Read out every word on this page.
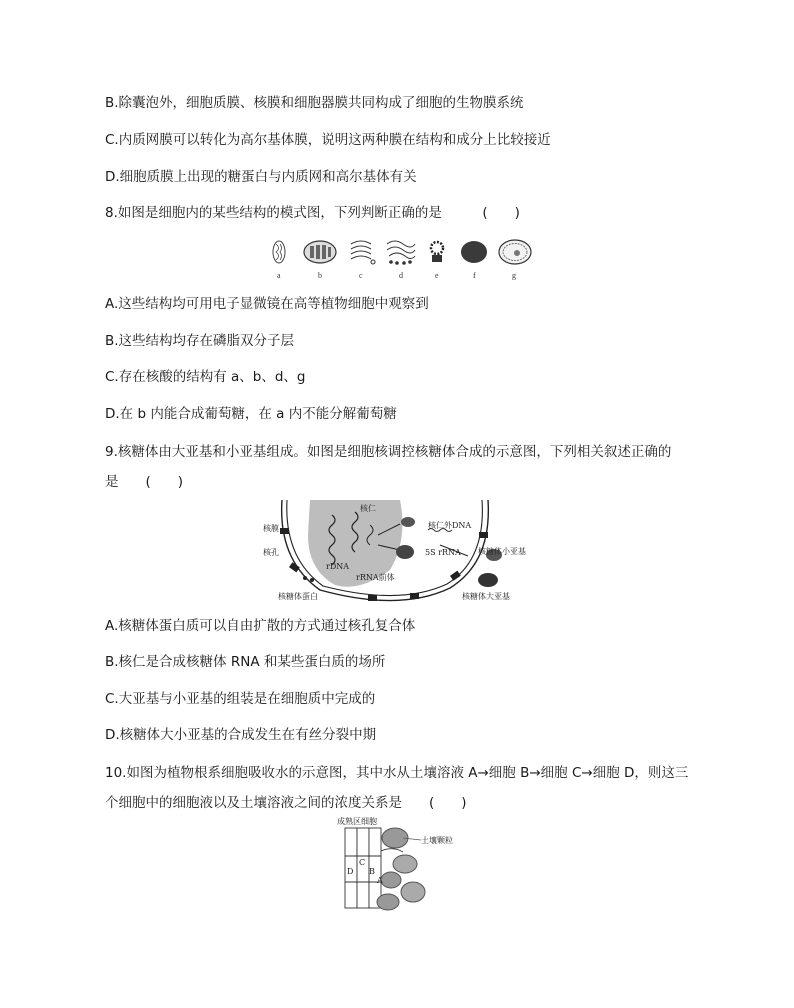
B.除囊泡外，细胞质膜、核膜和细胞器膜共同构成了细胞的生物膜系统
C.内质网膜可以转化为高尔基体膜，说明这两种膜在结构和成分上比较接近
D.细胞质膜上出现的糖蛋白与内质网和高尔基体有关
8.如图是细胞内的某些结构的模式图，下列判断正确的是　　　(　　)
a	b	c	d	e	f	g
A.这些结构均可用电子显微镜在高等植物细胞中观察到
B.这些结构均存在磷脂双分子层
C.存在核酸的结构有 a、b、d、g
D.在 b 内能合成葡萄糖，在 a 内不能分解葡萄糖
9.核糖体由大亚基和小亚基组成。如图是细胞核调控核糖体合成的示意图，下列相关叙述正确的
是　　(　　)
核仁
核膜
核孔
核仁外DNA
5S rRNA 核糖体小亚基
rDNA
rRNA前体
核糖体蛋白	核糖体大亚基
A.核糖体蛋白质可以自由扩散的方式通过核孔复合体
B.核仁是合成核糖体 RNA 和某些蛋白质的场所
C.大亚基与小亚基的组装是在细胞质中完成的
D.核糖体大小亚基的合成发生在有丝分裂中期
10.如图为植物根系细胞吸收水的示意图，其中水从土壤溶液 A→细胞 B→细胞 C→细胞 D，则这三
个细胞中的细胞液以及土壤溶液之间的浓度关系是　　(　　)
成熟区细胞
土壤颗粒
C
D B
A
